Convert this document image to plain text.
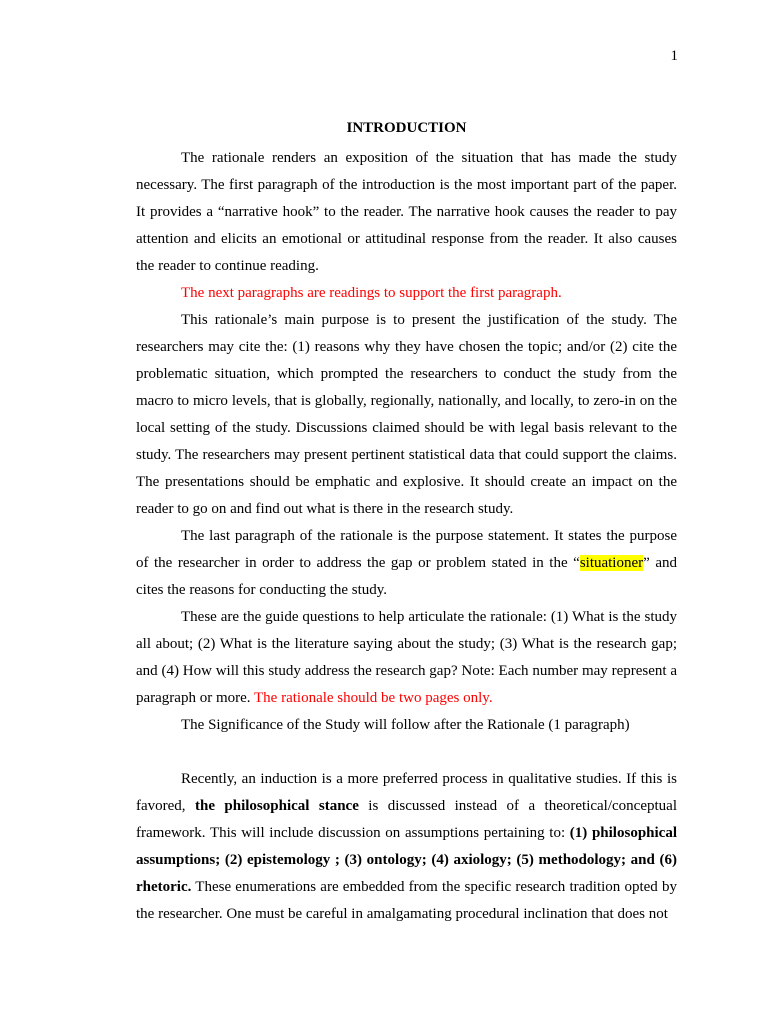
1
INTRODUCTION

The rationale renders an exposition of the situation that has made the study necessary. The first paragraph of the introduction is the most important part of the paper. It provides a “narrative hook” to the reader. The narrative hook causes the reader to pay attention and elicits an emotional or attitudinal response from the reader. It also causes the reader to continue reading.

The next paragraphs are readings to support the first paragraph.

This rationale’s main purpose is to present the justification of the study. The researchers may cite the: (1) reasons why they have chosen the topic; and/or (2) cite the problematic situation, which prompted the researchers to conduct the study from the macro to micro levels, that is globally, regionally, nationally, and locally, to zero-in on the local setting of the study. Discussions claimed should be with legal basis relevant to the study. The researchers may present pertinent statistical data that could support the claims. The presentations should be emphatic and explosive. It should create an impact on the reader to go on and find out what is there in the research study.

The last paragraph of the rationale is the purpose statement. It states the purpose of the researcher in order to address the gap or problem stated in the “situationer” and cites the reasons for conducting the study.

These are the guide questions to help articulate the rationale: (1) What is the study all about; (2) What is the literature saying about the study; (3) What is the research gap; and (4) How will this study address the research gap? Note: Each number may represent a paragraph or more. The rationale should be two pages only.

The Significance of the Study will follow after the Rationale (1 paragraph)

Recently, an induction is a more preferred process in qualitative studies. If this is favored, the philosophical stance is discussed instead of a theoretical/conceptual framework. This will include discussion on assumptions pertaining to: (1) philosophical assumptions; (2) epistemology ; (3) ontology; (4) axiology; (5) methodology; and (6) rhetoric. These enumerations are embedded from the specific research tradition opted by the researcher. One must be careful in amalgamating procedural inclination that does not
